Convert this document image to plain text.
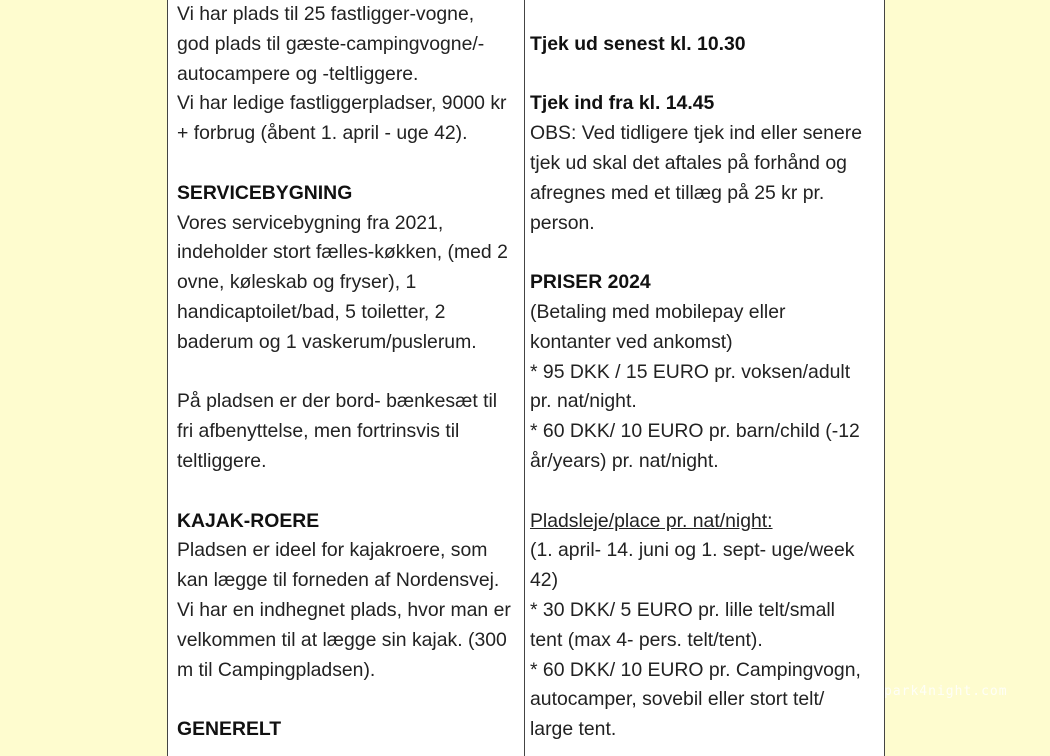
Vi har plads til 25 fastligger-vogne,
god plads til gæste-campingvogne/-
autocampere og -teltliggere.
Vi har ledige fastliggerpladser, 9000 kr
+ forbrug (åbent 1. april - uge 42).
SERVICEBYGNING
Vores servicebygning fra 2021,
indeholder stort fælles-køkken, (med 2
ovne, køleskab og fryser), 1
handicaptoilet/bad, 5 toiletter, 2
baderum og 1 vaskerum/puslerum.
På pladsen er der bord- bænkesæt til
fri afbenyttelse, men fortrinsvis til
teltliggere.
KAJAK-ROERE
Pladsen er ideel for kajakroere, som
kan lægge til forneden af Nordensvej.
Vi har en indhegnet plads, hvor man er
velkommen til at lægge sin kajak. (300
m til Campingpladsen).
GENERELT
Tjek ud senest kl. 10.30
Tjek ind fra kl. 14.45
OBS: Ved tidligere tjek ind eller senere
tjek ud skal det aftales på forhånd og
afregnes med et tillæg på 25 kr pr.
person.
PRISER 2024
(Betaling med mobilepay eller
kontanter ved ankomst)
* 95 DKK / 15 EURO pr. voksen/adult
pr. nat/night.
* 60 DKK/ 10 EURO pr. barn/child (-12
år/years) pr. nat/night.
Pladsleje/place pr. nat/night:
(1. april- 14. juni og 1. sept- uge/week
42)
* 30 DKK/ 5 EURO pr. lille telt/small
tent (max 4- pers. telt/tent).
* 60 DKK/ 10 EURO pr. Campingvogn,
autocamper, sovebil eller stort telt/
large tent.
park4night.com
